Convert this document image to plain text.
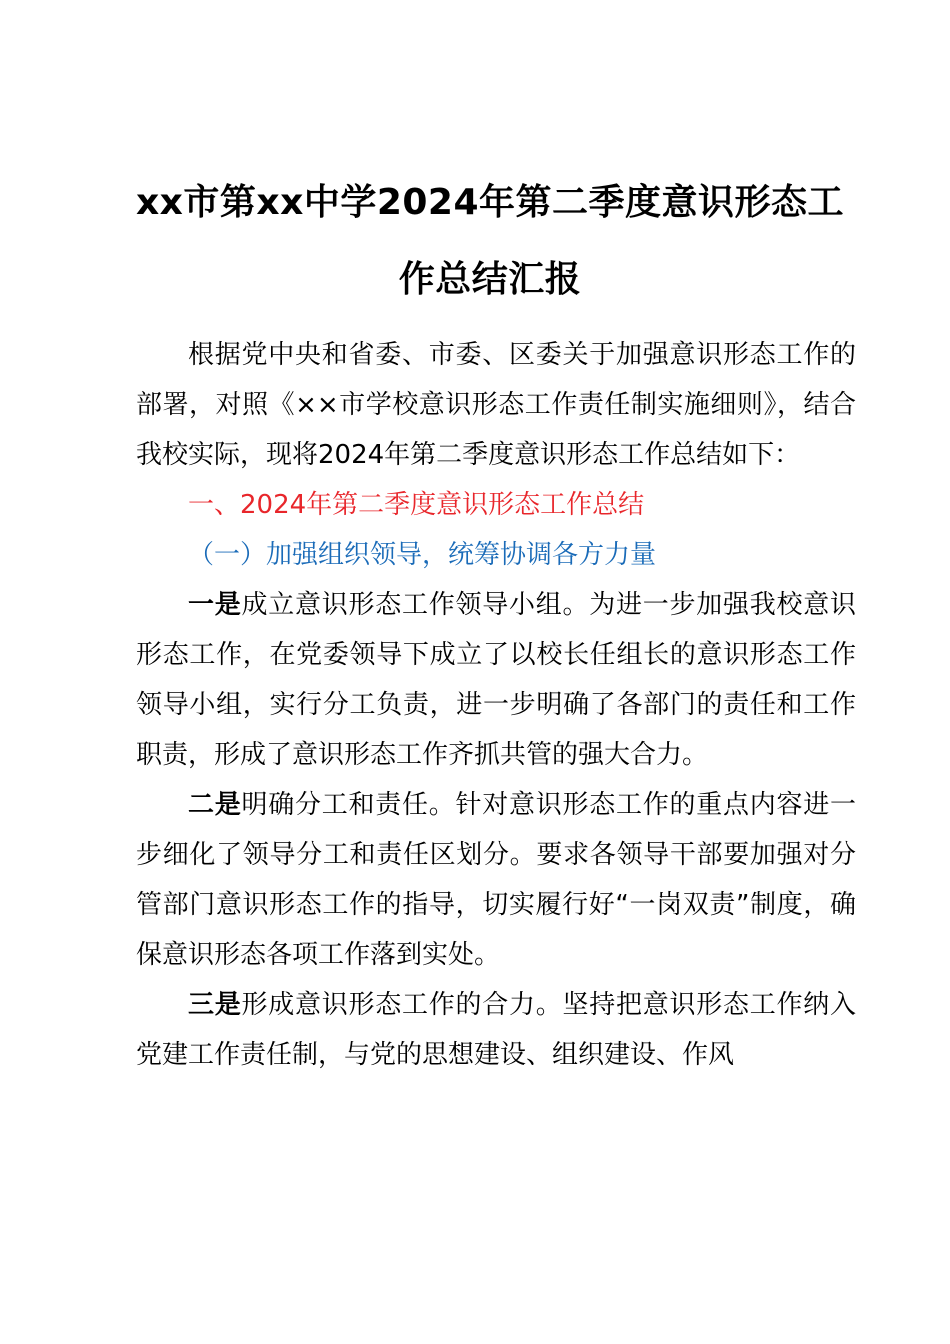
xx市第xx中学2024年第二季度意识形态工
作总结汇报

根据党中央和省委、市委、区委关于加强意识形态工作的部署，对照《××市学校意识形态工作责任制实施细则》，结合我校实际，现将2024年第二季度意识形态工作总结如下：

一、2024年第二季度意识形态工作总结

（一）加强组织领导，统筹协调各方力量

一是成立意识形态工作领导小组。为进一步加强我校意识形态工作，在党委领导下成立了以校长任组长的意识形态工作领导小组，实行分工负责，进一步明确了各部门的责任和工作职责，形成了意识形态工作齐抓共管的强大合力。

二是明确分工和责任。针对意识形态工作的重点内容进一步细化了领导分工和责任区划分。要求各领导干部要加强对分管部门意识形态工作的指导，切实履行好“一岗双责”制度，确保意识形态各项工作落到实处。

三是形成意识形态工作的合力。坚持把意识形态工作纳入党建工作责任制，与党的思想建设、组织建设、作风
